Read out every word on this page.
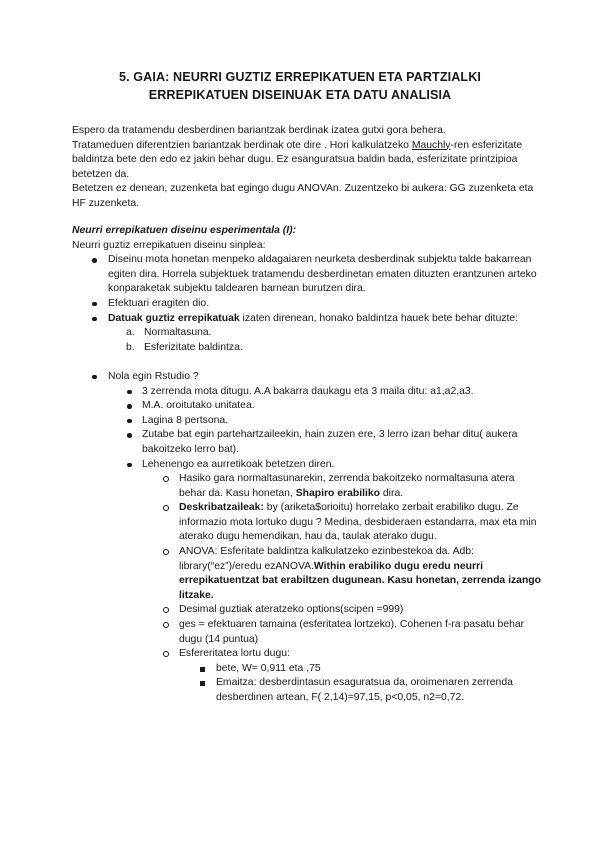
5. GAIA: NEURRI GUZTIZ ERREPIKATUEN ETA PARTZIALKI
ERREPIKATUEN DISEINUAK ETA DATU ANALISIA

Espero da tratamendu desberdinen bariantzak berdinak izatea gutxi gora behera.

Tratameduen diferentzien bariantzak berdinak ote dire . Hori kalkulatzeko Mauchly-ren esferizitate baldintza bete den edo ez jakin behar dugu. Ez esanguratsua baldin bada, esferizitate printzipioa betetzen da.

Betetzen ez denean, zuzenketa bat egingo dugu ANOVAn. Zuzentzeko bi aukera: GG zuzenketa eta HF zuzenketa.

Neurri errepikatuen diseinu esperimentala (I):
Neurri guztiz errepikatuen diseinu sinplea:
Diseinu mota honetan menpeko aldagaiaren neurketa desberdinak subjektu talde bakarrean egiten dira. Horrela subjektuek tratamendu desberdinetan ematen dituzten erantzunen arteko konparaketak subjektu taldearen barnean burutzen dira.
Efektuari eragiten dio.
Datuak guztiz errepikatuak izaten direnean, honako baldintza hauek bete behar dituzte:
a. Normaltasuna.
b. Esferizitate baldintza.
Nola egin Rstudio ?
3 zerrenda mota ditugu. A.A bakarra daukagu eta 3 maila ditu: a1,a2,a3.
M.A. oroitutako unitatea.
Lagina 8 pertsona.
Zutabe bat egin partehartzaileekin, hain zuzen ere, 3 lerro izan behar ditu( aukera bakoitzeko lerro bat).
Lehenengo ea aurretikoak betetzen diren.
Hasiko gara normaltasunarekin, zerrenda bakoitzeko normaltasuna atera behar da. Kasu honetan, Shapiro erabiliko dira.
Deskribatzaileak: by (ariketa$orioitu) horrelako zerbait erabiliko dugu. Ze informazio mota lortuko dugu ? Medina, desbideraen estandarra, max eta min aterako dugu hemendikan, hau da, taulak aterako dugu.
ANOVA: Esferitate baldintza kalkulatzeko ezinbestekoa da. Adb: library(“ez”)/eredu ezANOVA.Within erabiliko dugu eredu neurri errepikatuentzat bat erabiltzen dugunean. Kasu honetan, zerrenda izango litzake.
Desimal guztiak ateratzeko options(scipen =999)
ges = efektuaren tamaina (esferitatea lortzeko). Cohenen f-ra pasatu behar dugu (14 puntua)
Esfereritatea lortu dugu:
bete, W= 0,911 eta ,75
Emaitza: desberdintasun esaguratsua da, oroimenaren zerrenda desberdinen artean, F( 2,14)=97,15, p<0,05, n2=0,72.
